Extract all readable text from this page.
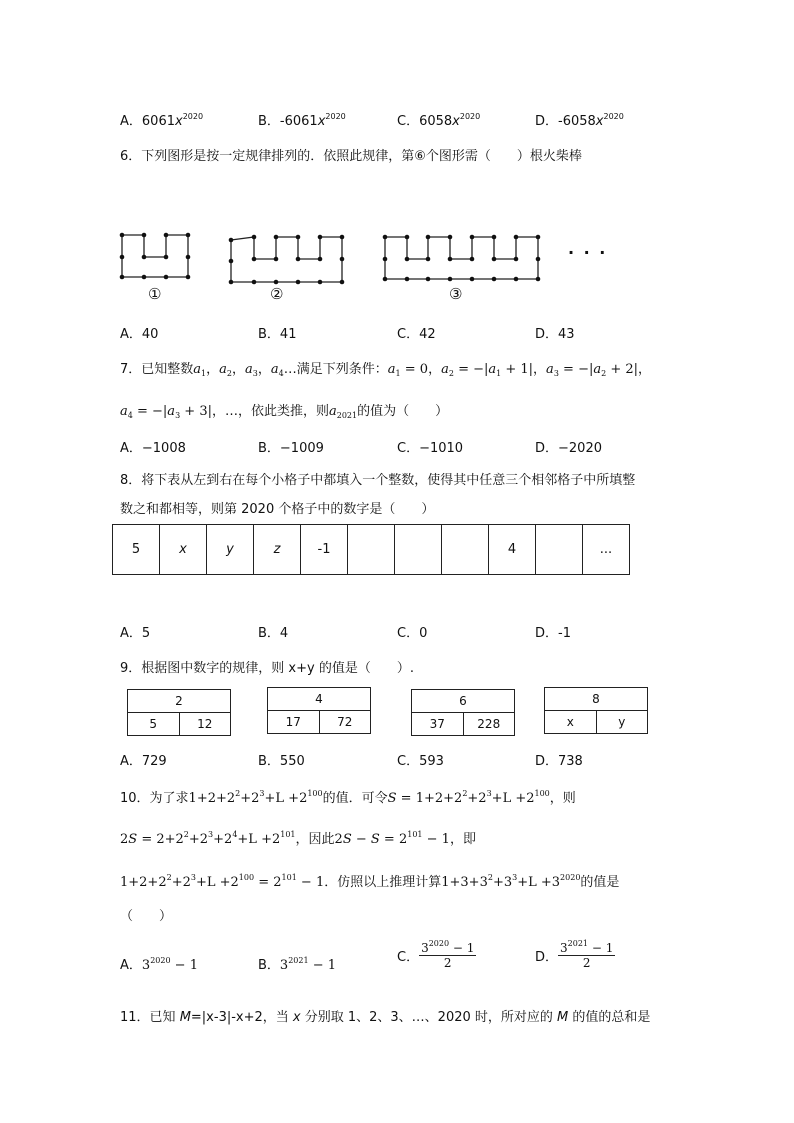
A．$6061x^{2020}$	B．$-6061x^{2020}$	C．$6058x^{2020}$	D．$-6058x^{2020}$
6．下列图形是按一定规律排列的．依照此规律，第⑥个图形需（　　）根火柴棒
①	②	③
· · ·
A．40	B．41	C．42	D．43
7．已知整数$a_1$，$a_2$，$a_3$，$a_4\dots$满足下列条件：$a_1 = 0$，$a_2 = -|a_1 + 1|$，$a_3 = -|a_2 + 2|$，
$a_4 = -|a_3 + 3|$，…，依此类推，则$a_{2021}$的值为（　　）
A．−1008	B．−1009	C．−1010	D．−2020
8．将下表从左到右在每个小格子中都填入一个整数，使得其中任意三个相邻格子中所填整
数之和都相等，则第 2020 个格子中的数字是（　　）
5	x	y	z	-1				4		...
A．5	B．4	C．0	D．-1
9．根据图中数字的规律，则 x+y 的值是（　　）.
2
5	12
4
17	72
6
37	228
8
x	y
A．729	B．550	C．593	D．738
10．为了求$1+2+2^2+2^3+L +2^{100}$的值．可令$S = 1+2+2^2+2^3+L +2^{100}$，则
$2S = 2+2^2+2^3+2^4+L +2^{101}$，因此$2S - S = 2^{101} - 1$，即
$1+2+2^2+2^3+L +2^{100} = 2^{101} - 1$．仿照以上推理计算$1+3+3^2+3^3+L +3^{2020}$的值是
（　　）
A．$3^{2020} - 1$	B．$3^{2021} - 1$
C． $\frac{3^{2020} - 1}{2}$	D． $\frac{3^{2021} - 1}{2}$
11．已知 M=|x-3|-x+2，当 x 分别取 1、2、3、…、2020 时，所对应的 M 的值的总和是
